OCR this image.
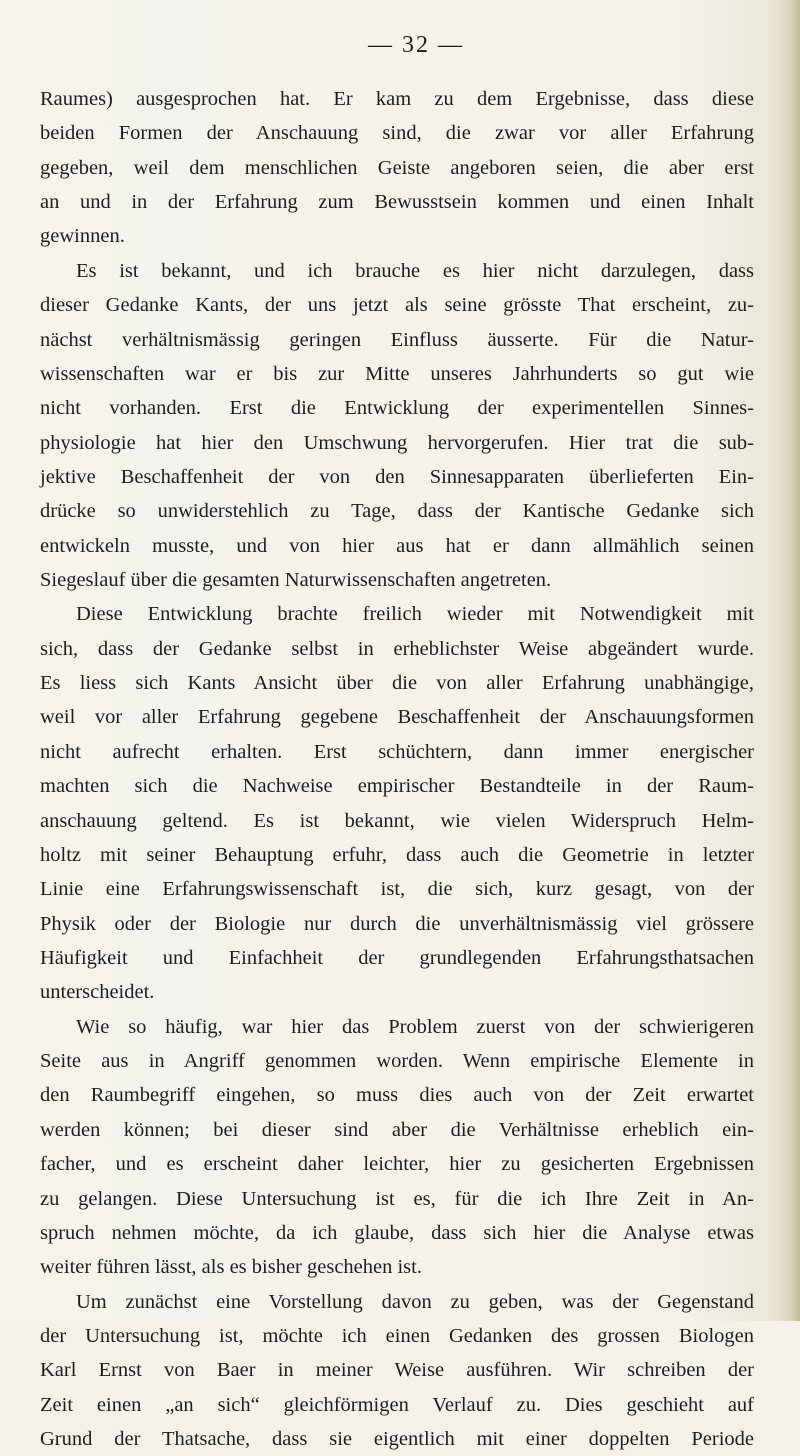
— 32 —
Raumes) ausgesprochen hat. Er kam zu dem Ergebnisse, dass diese
beiden Formen der Anschauung sind, die zwar vor aller Erfahrung
gegeben, weil dem menschlichen Geiste angeboren seien, die aber erst
an und in der Erfahrung zum Bewusstsein kommen und einen Inhalt
gewinnen.
Es ist bekannt, und ich brauche es hier nicht darzulegen, dass
dieser Gedanke Kants, der uns jetzt als seine grösste That erscheint, zu-
nächst verhältnismässig geringen Einfluss äusserte. Für die Natur-
wissenschaften war er bis zur Mitte unseres Jahrhunderts so gut wie
nicht vorhanden. Erst die Entwicklung der experimentellen Sinnes-
physiologie hat hier den Umschwung hervorgerufen. Hier trat die sub-
jektive Beschaffenheit der von den Sinnesapparaten überlieferten Ein-
drücke so unwiderstehlich zu Tage, dass der Kantische Gedanke sich
entwickeln musste, und von hier aus hat er dann allmählich seinen
Siegeslauf über die gesamten Naturwissenschaften angetreten.
Diese Entwicklung brachte freilich wieder mit Notwendigkeit mit
sich, dass der Gedanke selbst in erheblichster Weise abgeändert wurde.
Es liess sich Kants Ansicht über die von aller Erfahrung unabhängige,
weil vor aller Erfahrung gegebene Beschaffenheit der Anschauungsformen
nicht aufrecht erhalten. Erst schüchtern, dann immer energischer
machten sich die Nachweise empirischer Bestandteile in der Raum-
anschauung geltend. Es ist bekannt, wie vielen Widerspruch Helm-
holtz mit seiner Behauptung erfuhr, dass auch die Geometrie in letzter
Linie eine Erfahrungswissenschaft ist, die sich, kurz gesagt, von der
Physik oder der Biologie nur durch die unverhältnismässig viel grössere
Häufigkeit und Einfachheit der grundlegenden Erfahrungsthatsachen
unterscheidet.
Wie so häufig, war hier das Problem zuerst von der schwierigeren
Seite aus in Angriff genommen worden. Wenn empirische Elemente in
den Raumbegriff eingehen, so muss dies auch von der Zeit erwartet
werden können; bei dieser sind aber die Verhältnisse erheblich ein-
facher, und es erscheint daher leichter, hier zu gesicherten Ergebnissen
zu gelangen. Diese Untersuchung ist es, für die ich Ihre Zeit in An-
spruch nehmen möchte, da ich glaube, dass sich hier die Analyse etwas
weiter führen lässt, als es bisher geschehen ist.
Um zunächst eine Vorstellung davon zu geben, was der Gegenstand
der Untersuchung ist, möchte ich einen Gedanken des grossen Biologen
Karl Ernst von Baer in meiner Weise ausführen. Wir schreiben der
Zeit einen „an sich“ gleichförmigen Verlauf zu. Dies geschieht auf
Grund der Thatsache, dass sie eigentlich mit einer doppelten Periode
